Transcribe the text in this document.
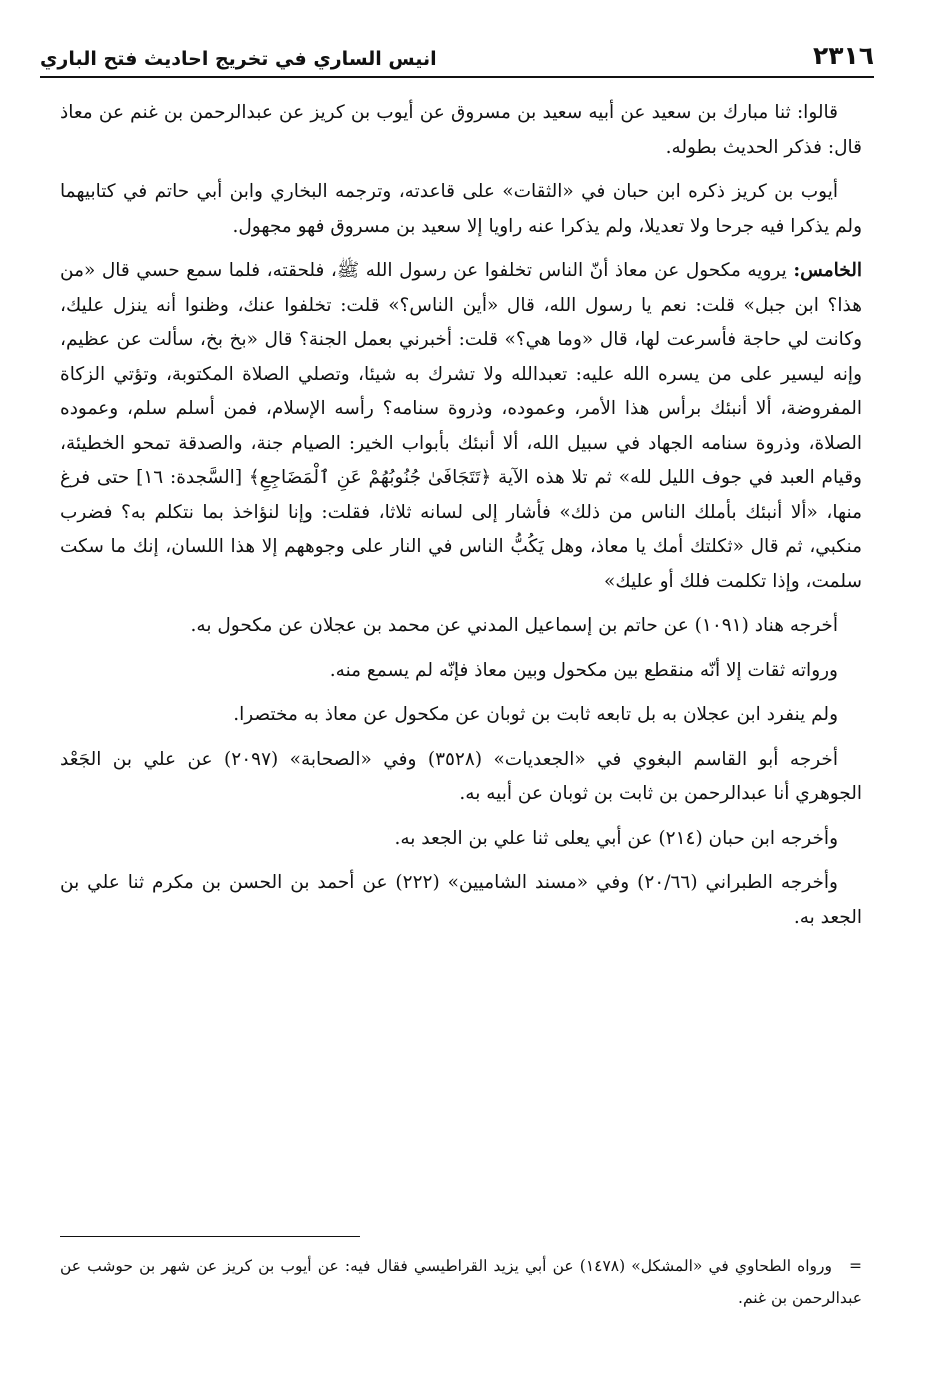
٢٣١٦
انيس الساري في تخريج احاديث فتح الباري

قالوا: ثنا مبارك بن سعيد عن أبيه سعيد بن مسروق عن أيوب بن كريز عن عبدالرحمن بن غنم عن معاذ قال: فذكر الحديث بطوله.

أيوب بن كريز ذكره ابن حبان في «الثقات» على قاعدته، وترجمه البخاري وابن أبي حاتم في كتابيهما ولم يذكرا فيه جرحا ولا تعديلا، ولم يذكرا عنه راويا إلا سعيد بن مسروق فهو مجهول.

الخامس: يرويه مكحول عن معاذ أنّ الناس تخلفوا عن رسول الله ﷺ، فلحقته، فلما سمع حسي قال «من هذا؟ ابن جبل» قلت: نعم يا رسول الله، قال «أين الناس؟» قلت: تخلفوا عنك، وظنوا أنه ينزل عليك، وكانت لي حاجة فأسرعت لها، قال «وما هي؟» قلت: أخبرني بعمل الجنة؟ قال «بخ بخ، سألت عن عظيم، وإنه ليسير على من يسره الله عليه: تعبدالله ولا تشرك به شيئا، وتصلي الصلاة المكتوبة، وتؤتي الزكاة المفروضة، ألا أنبئك برأس هذا الأمر، وعموده، وذروة سنامه؟ رأسه الإسلام، فمن أسلم سلم، وعموده الصلاة، وذروة سنامه الجهاد في سبيل الله، ألا أنبئك بأبواب الخير: الصيام جنة، والصدقة تمحو الخطيئة، وقيام العبد في جوف الليل لله» ثم تلا هذه الآية ﴿تَتَجَافَىٰ جُنُوبُهُمْ عَنِ ٱلْمَضَاجِعِ﴾ [السَّجدة: ١٦] حتى فرغ منها، «ألا أنبئك بأملك الناس من ذلك» فأشار إلى لسانه ثلاثا، فقلت: وإنا لنؤاخذ بما نتكلم به؟ فضرب منكبي، ثم قال «ثكلتك أمك يا معاذ، وهل يَكُبُّ الناس في النار على وجوههم إلا هذا اللسان، إنك ما سكت سلمت، وإذا تكلمت فلك أو عليك»

أخرجه هناد (١٠٩١) عن حاتم بن إسماعيل المدني عن محمد بن عجلان عن مكحول به.

ورواته ثقات إلا أنّه منقطع بين مكحول وبين معاذ فإنّه لم يسمع منه.

ولم ينفرد ابن عجلان به بل تابعه ثابت بن ثوبان عن مكحول عن معاذ به مختصرا.

أخرجه أبو القاسم البغوي في «الجعديات» (٣٥٢٨) وفي «الصحابة» (٢٠٩٧) عن علي بن الجَعْد الجوهري أنا عبدالرحمن بن ثابت بن ثوبان عن أبيه به.

وأخرجه ابن حبان (٢١٤) عن أبي يعلى ثنا علي بن الجعد به.

وأخرجه الطبراني (٢٠/٦٦) وفي «مسند الشاميين» (٢٢٢) عن أحمد بن الحسن بن مكرم ثنا علي بن الجعد به.

=ورواه الطحاوي في «المشكل» (١٤٧٨) عن أبي يزيد القراطيسي فقال فيه: عن أيوب بن كريز عن شهر بن حوشب عن عبدالرحمن بن غنم.
